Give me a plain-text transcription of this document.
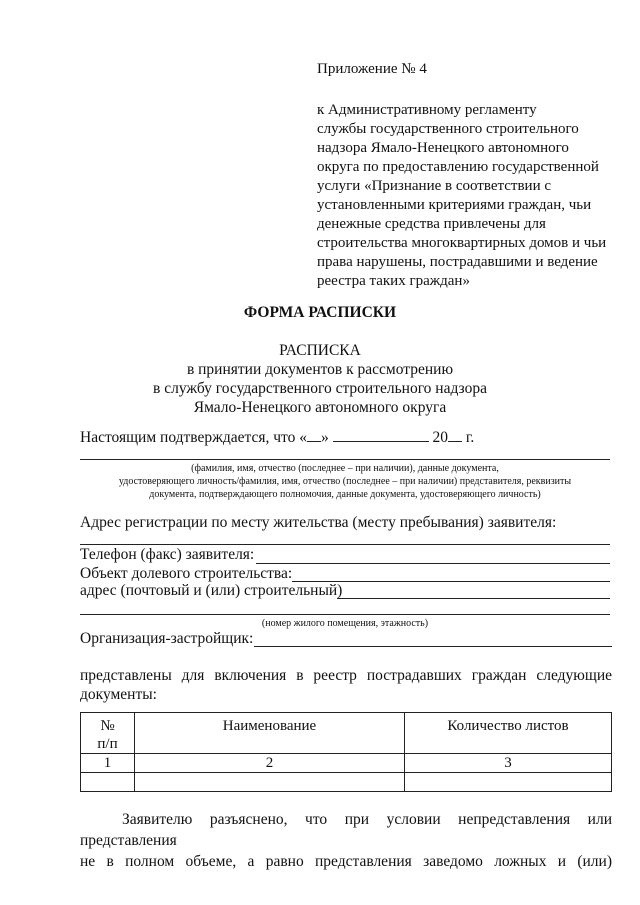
Приложение № 4
к Административному регламенту
службы государственного строительного
надзора Ямало-Ненецкого автономного
округа по предоставлению государственной
услуги «Признание в соответствии с
установленными критериями граждан, чьи
денежные средства привлечены для
строительства многоквартирных домов и чьи
права нарушены, пострадавшими и ведение
реестра таких граждан»
ФОРМА РАСПИСКИ
РАСПИСКА
в принятии документов к рассмотрению
в службу государственного строительного надзора
Ямало-Ненецкого автономного округа
Настоящим подтверждается, что « »	20 г.
(фамилия, имя, отчество (последнее – при наличии), данные документа,
удостоверяющего личность/фамилия, имя, отчество (последнее – при наличии) представителя, реквизиты
документа, подтверждающего полномочия, данные документа, удостоверяющего личность)
Адрес регистрации по месту жительства (месту пребывания) заявителя:
Телефон (факс) заявителя:
Объект долевого строительства:
адрес (почтовый и (или) строительный)
(номер жилого помещения, этажность)
Организация-застройщик:
представлены для включения в реестр пострадавших граждан следующие
документы:
№
п/п	Наименование	Количество листов
1	2	3

Заявителю разъяснено, что при условии непредставления или представления
не в полном объеме, а равно представления заведомо ложных и (или)
